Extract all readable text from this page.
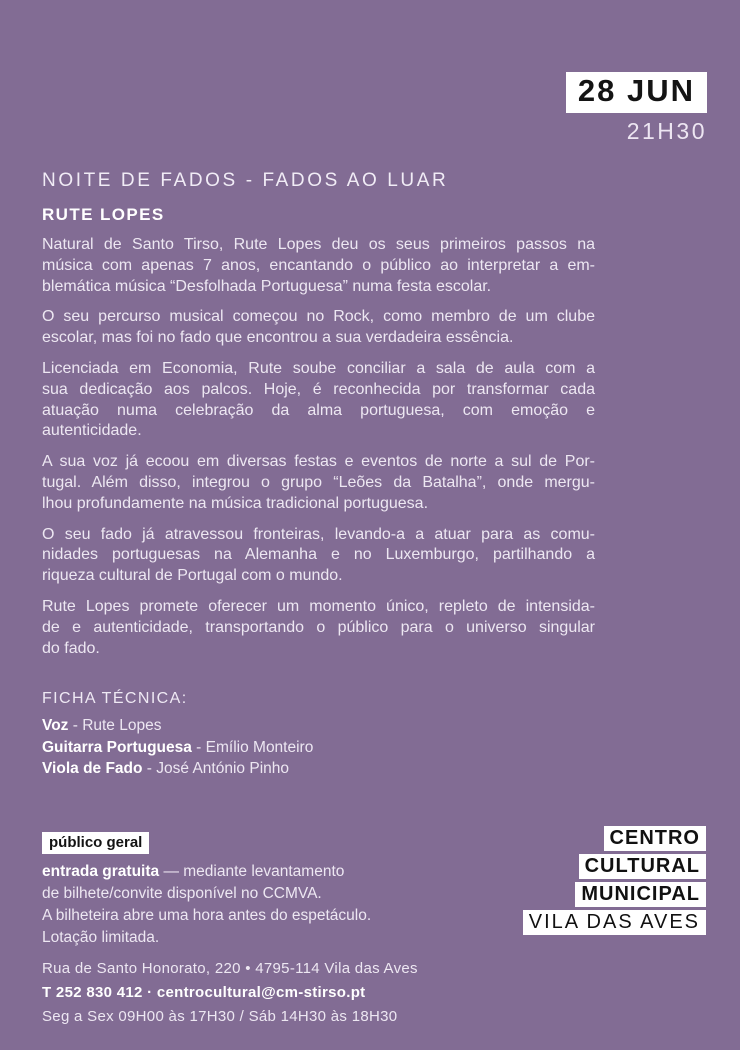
28 JUN
21H30
NOITE DE FADOS - FADOS AO LUAR
RUTE LOPES
Natural de Santo Tirso, Rute Lopes deu os seus primeiros passos na
música com apenas 7 anos, encantando o público ao interpretar a em-
blemática música “Desfolhada Portuguesa” numa festa escolar.
O seu percurso musical começou no Rock, como membro de um clube
escolar, mas foi no fado que encontrou a sua verdadeira essência.
Licenciada em Economia, Rute soube conciliar a sala de aula com a
sua dedicação aos palcos. Hoje, é reconhecida por transformar cada
atuação numa celebração da alma portuguesa, com emoção e
autenticidade.
A sua voz já ecoou em diversas festas e eventos de norte a sul de Por-
tugal. Além disso, integrou o grupo “Leões da Batalha”, onde mergu-
lhou profundamente na música tradicional portuguesa.
O seu fado já atravessou fronteiras, levando-a a atuar para as comu-
nidades portuguesas na Alemanha e no Luxemburgo, partilhando a
riqueza cultural de Portugal com o mundo.
Rute Lopes promete oferecer um momento único, repleto de intensida-
de e autenticidade, transportando o público para o universo singular
do fado.
FICHA TÉCNICA:
Voz - Rute Lopes
Guitarra Portuguesa - Emílio Monteiro
Viola de Fado - José António Pinho
público geral
entrada gratuita — mediante levantamento
de bilhete/convite disponível no CCMVA.
A bilheteira abre uma hora antes do espetáculo.
Lotação limitada.
CENTRO
CULTURAL
MUNICIPAL
VILA DAS AVES
Rua de Santo Honorato, 220 • 4795-114 Vila das Aves
T 252 830 412 · centrocultural@cm-stirso.pt
Seg a Sex 09H00 às 17H30 / Sáb 14H30 às 18H30
